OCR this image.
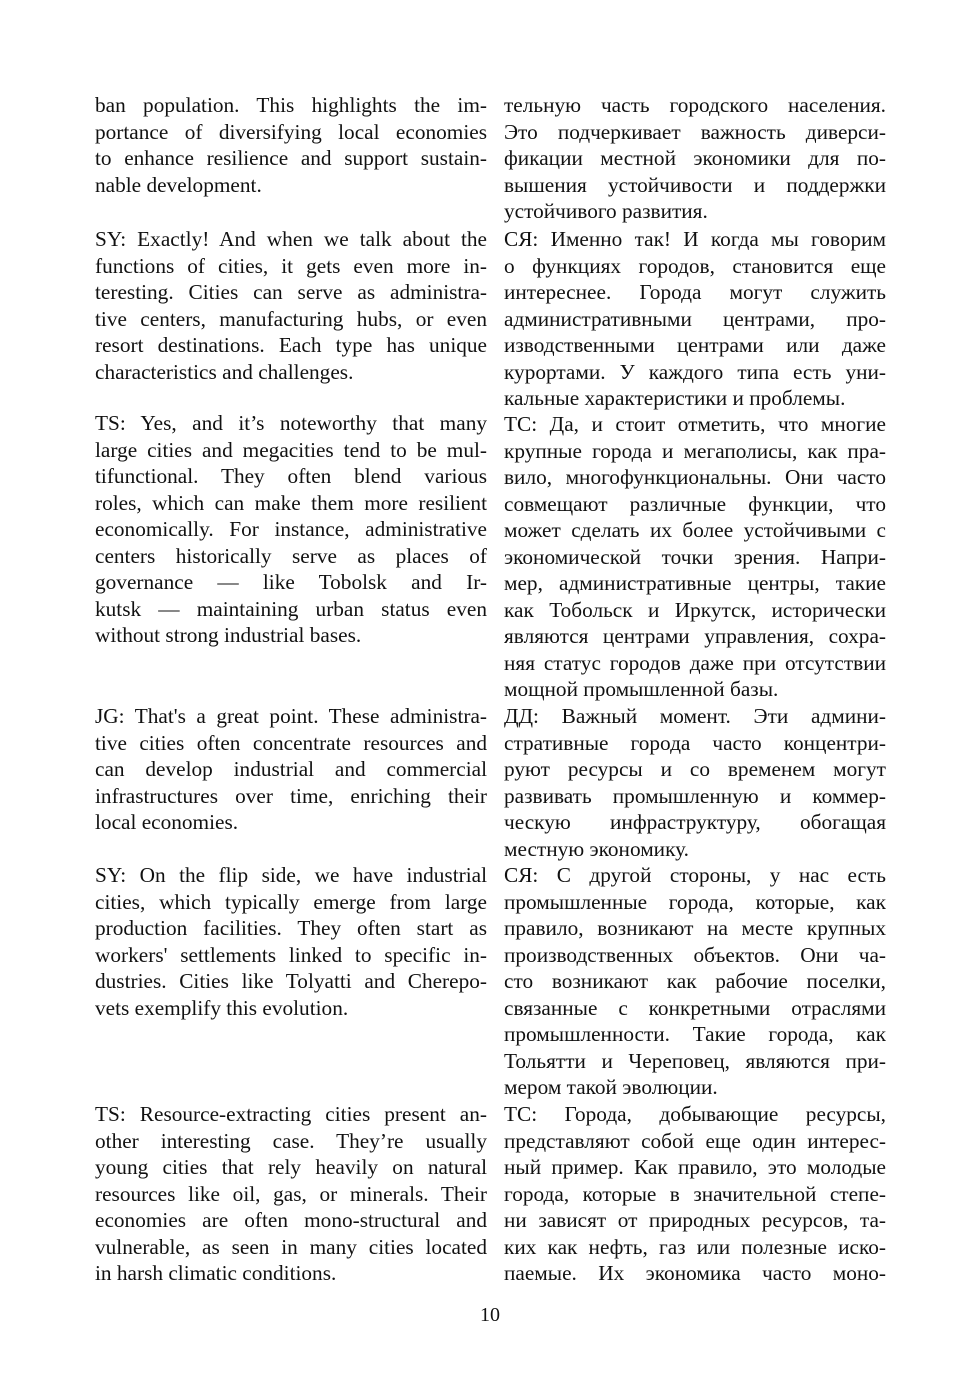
ban population. This highlights the im-
portance of diversifying local economies
to enhance resilience and support sustain-
nable development.
SY: Exactly! And when we talk about the
functions of cities, it gets even more in-
teresting. Cities can serve as administra-
tive centers, manufacturing hubs, or even
resort destinations. Each type has unique
characteristics and challenges.
TS: Yes, and it’s noteworthy that many
large cities and megacities tend to be mul-
tifunctional. They often blend various
roles, which can make them more resilient
economically. For instance, administrative
centers historically serve as places of
governance — like Tobolsk and Ir-
kutsk — maintaining urban status even
without strong industrial bases.
JG: That's a great point. These administra-
tive cities often concentrate resources and
can develop industrial and commercial
infrastructures over time, enriching their
local economies.
SY: On the flip side, we have industrial
cities, which typically emerge from large
production facilities. They often start as
workers' settlements linked to specific in-
dustries. Cities like Tolyatti and Cherepo-
vets exemplify this evolution.
TS: Resource-extracting cities present an-
other interesting case. They’re usually
young cities that rely heavily on natural
resources like oil, gas, or minerals. Their
economies are often mono-structural and
vulnerable, as seen in many cities located
in harsh climatic conditions.
тельную часть городского населения.
Это подчеркивает важность диверси-
фикации местной экономики для по-
вышения устойчивости и поддержки
устойчивого развития.
СЯ: Именно так! И когда мы говорим
о функциях городов, становится еще
интереснее. Города могут служить
административными центрами, про-
изводственными центрами или даже
курортами. У каждого типа есть уни-
кальные характеристики и проблемы.
ТС: Да, и стоит отметить, что многие
крупные города и мегаполисы, как пра-
вило, многофункциональны. Они часто
совмещают различные функции, что
может сделать их более устойчивыми с
экономической точки зрения. Напри-
мер, административные центры, такие
как Тобольск и Иркутск, исторически
являются центрами управления, сохра-
няя статус городов даже при отсутствии
мощной промышленной базы.
ДД: Важный момент. Эти админи-
стративные города часто концентри-
руют ресурсы и со временем могут
развивать промышленную и коммер-
ческую инфраструктуру, обогащая
местную экономику.
СЯ: С другой стороны, у нас есть
промышленные города, которые, как
правило, возникают на месте крупных
производственных объектов. Они ча-
сто возникают как рабочие поселки,
связанные с конкретными отраслями
промышленности. Такие города, как
Тольятти и Череповец, являются при-
мером такой эволюции.
ТС: Города, добывающие ресурсы,
представляют собой еще один интерес-
ный пример. Как правило, это молодые
города, которые в значительной степе-
ни зависят от природных ресурсов, та-
ких как нефть, газ или полезные иско-
паемые. Их экономика часто моно-
10
